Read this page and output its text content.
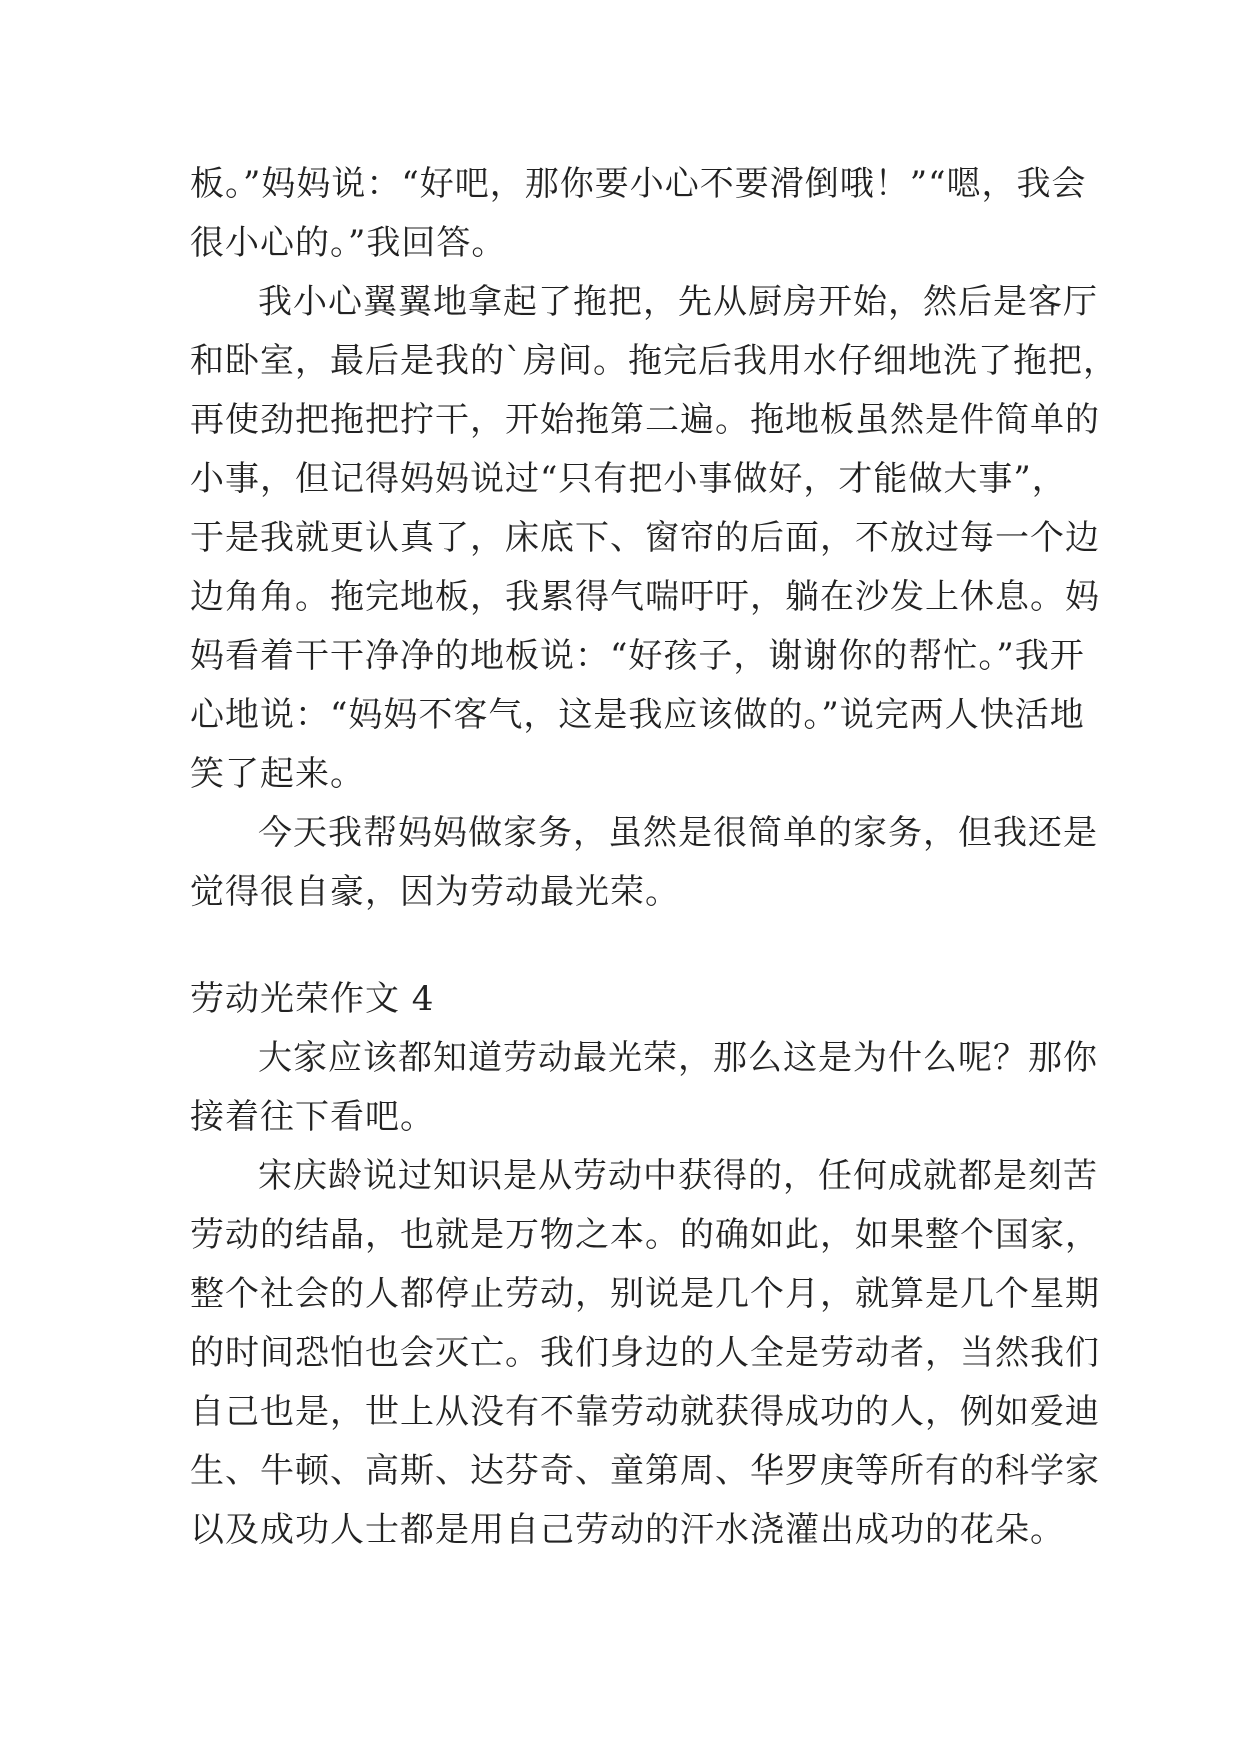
板。”妈妈说：“好吧，那你要小心不要滑倒哦！”“嗯，我会
很小心的。”我回答。
我小心翼翼地拿起了拖把，先从厨房开始，然后是客厅
和卧室，最后是我的`房间。拖完后我用水仔细地洗了拖把，
再使劲把拖把拧干，开始拖第二遍。拖地板虽然是件简单的
小事，但记得妈妈说过“只有把小事做好，才能做大事”，
于是我就更认真了，床底下、窗帘的后面，不放过每一个边
边角角。拖完地板，我累得气喘吁吁，躺在沙发上休息。妈
妈看着干干净净的地板说：“好孩子，谢谢你的帮忙。”我开
心地说：“妈妈不客气，这是我应该做的。”说完两人快活地
笑了起来。
今天我帮妈妈做家务，虽然是很简单的家务，但我还是
觉得很自豪，因为劳动最光荣。
劳动光荣作文 4
大家应该都知道劳动最光荣，那么这是为什么呢？那你
接着往下看吧。
宋庆龄说过知识是从劳动中获得的，任何成就都是刻苦
劳动的结晶，也就是万物之本。的确如此，如果整个国家，
整个社会的人都停止劳动，别说是几个月，就算是几个星期
的时间恐怕也会灭亡。我们身边的人全是劳动者，当然我们
自己也是，世上从没有不靠劳动就获得成功的人，例如爱迪
生、牛顿、高斯、达芬奇、童第周、华罗庚等所有的科学家
以及成功人士都是用自己劳动的汗水浇灌出成功的花朵。
